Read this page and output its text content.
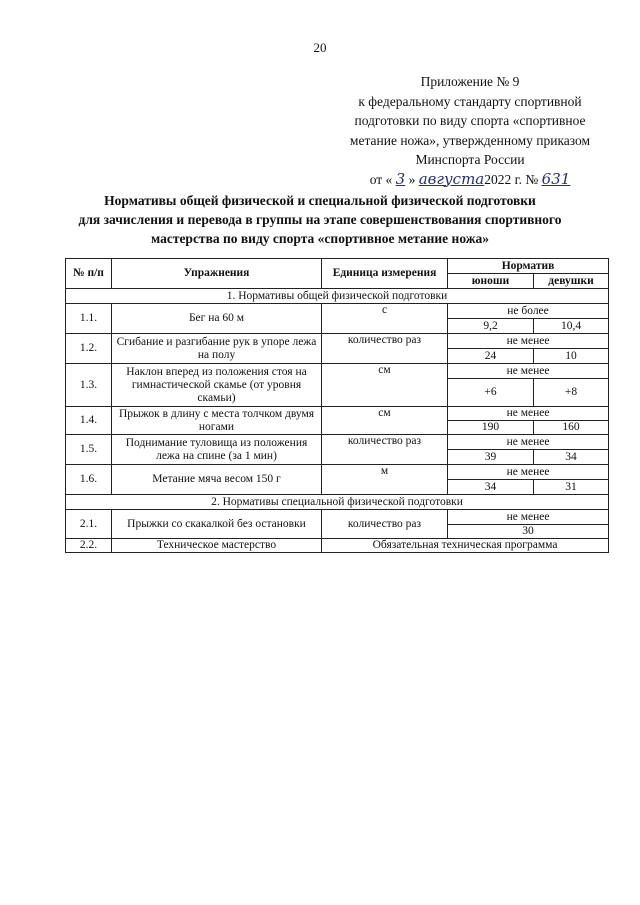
20
Приложение № 9
к федеральному стандарту спортивной
подготовки по виду спорта «спортивное
метание ножа», утвержденному приказом
Минспорта России
от « 3 » августа2022 г. № 631
Нормативы общей физической и специальной физической подготовки
для зачисления и перевода в группы на этапе совершенствования спортивного
мастерства по виду спорта «спортивное метание ножа»
№ п/п	Упражнения	Единица измерения	Норматив	
			юноши	девушки
1. Нормативы общей физической подготовки				
1.1.	Бег на 60 м	с	не более	
			9,2	10,4
1.2.	Сгибание и разгибание рук в упоре лежа на полу	количество раз	не менее	
			24	10
1.3.	Наклон вперед из положения стоя на гимнастической скамье (от уровня скамьи)	см	не менее	
			+6	+8
1.4.	Прыжок в длину с места толчком двумя ногами	см	не менее	
			190	160
1.5.	Поднимание туловища из положения лежа на спине (за 1 мин)	количество раз	не менее	
			39	34
1.6.	Метание мяча весом 150 г	м	не менее	
			34	31
2. Нормативы специальной физической подготовки				
2.1.	Прыжки со скакалкой без остановки	количество раз	не менее	
			30	
2.2.	Техническое мастерство	Обязательная техническая программа		
